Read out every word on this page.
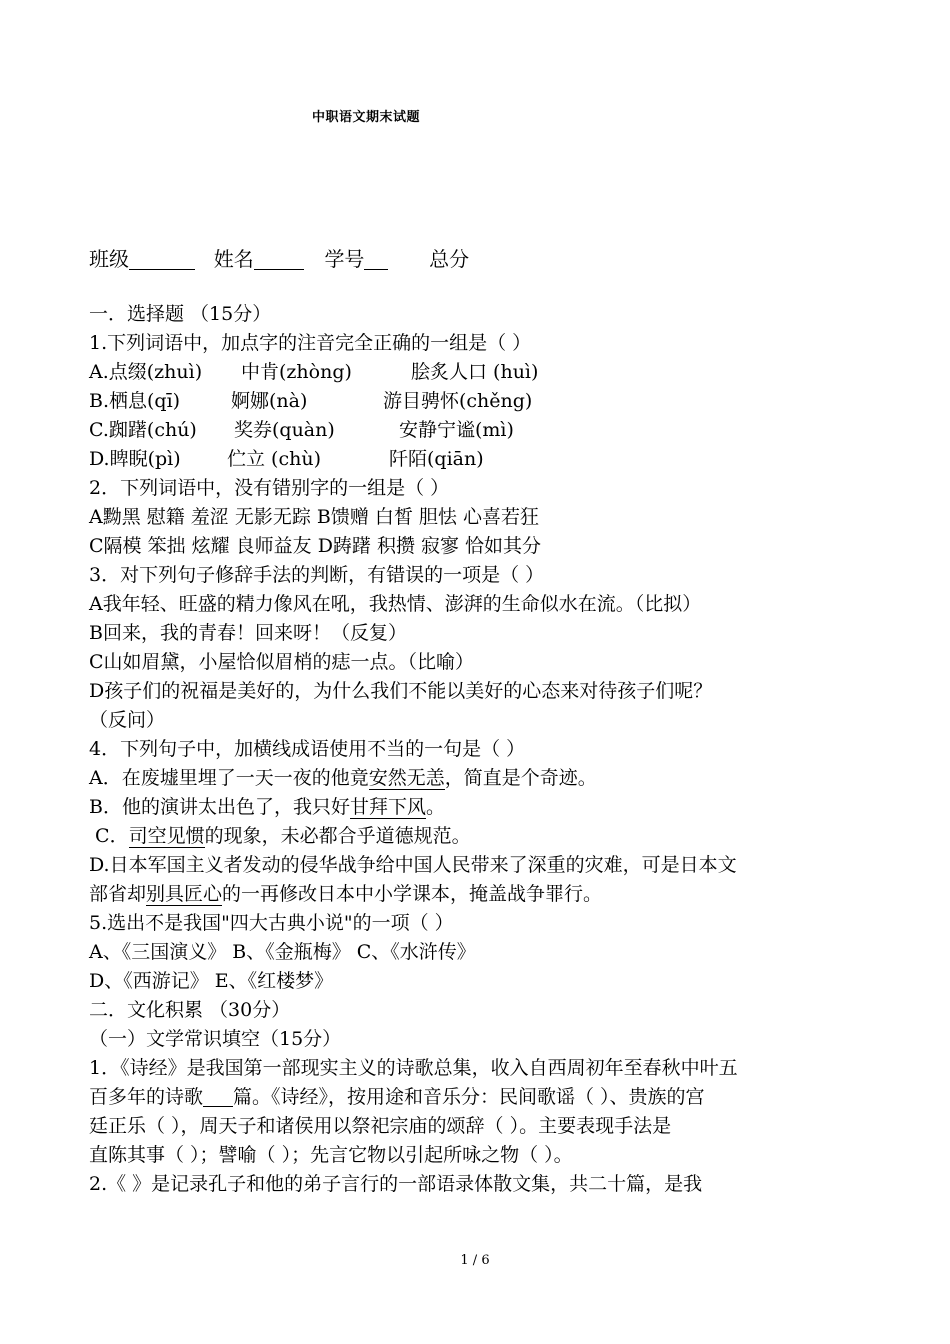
中职语文期末试题
班级	姓名	学号	总分
一．选择题 （15分）
1.下列词语中，加点字的注音完全正确的一组是（ ）
A.点缀(zhuì) 中肯(zhòng)	脍炙人口 (huì)
B.栖息(qī)	婀娜(nà)	游目骋怀(chěng)
C.踟躇(chú) 奖券(quàn)	安静宁谧(mì)
D.睥睨(pì) 伫立 (chù)	阡陌(qiān)
2．下列词语中，没有错别字的一组是（ ）
A黝黑 慰籍 羞涩 无影无踪 B馈赠 白皙 胆怯 心喜若狂
C隔模 笨拙 炫耀 良师益友 D踌躇 积攒 寂寥 恰如其分
3．对下列句子修辞手法的判断，有错误的一项是（ ）
A我年轻、旺盛的精力像风在吼，我热情、澎湃的生命似水在流。（比拟）
B回来，我的青春！回来呀！（反复）
C山如眉黛，小屋恰似眉梢的痣一点。（比喻）
D孩子们的祝福是美好的，为什么我们不能以美好的心态来对待孩子们呢？
（反问）
4．下列句子中，加横线成语使用不当的一句是（ ）
A．在废墟里埋了一天一夜的他竟安然无恙，简直是个奇迹。
B．他的演讲太出色了，我只好甘拜下风。
C．司空见惯的现象，未必都合乎道德规范。
D.日本军国主义者发动的侵华战争给中国人民带来了深重的灾难，可是日本文
部省却别具匠心的一再修改日本中小学课本，掩盖战争罪行。
5.选出不是我国"四大古典小说"的一项（ ）
A、《三国演义》 B、《金瓶梅》 C、《水浒传》
D、《西游记》 E、《红楼梦》
二．文化积累 （30分）
（一）文学常识填空（15分）
1．《诗经》是我国第一部现实主义的诗歌总集，收入自西周初年至春秋中叶五
百多年的诗歌 篇。《诗经》，按用途和音乐分：民间歌谣（ ）、贵族的宫
廷正乐（ ），周天子和诸侯用以祭祀宗庙的颂辞（ ）。主要表现手法是
直陈其事（ ）；譬喻（ ）；先言它物以引起所咏之物（ ）。
2.《 》是记录孔子和他的弟子言行的一部语录体散文集，共二十篇，是我
1 / 6
